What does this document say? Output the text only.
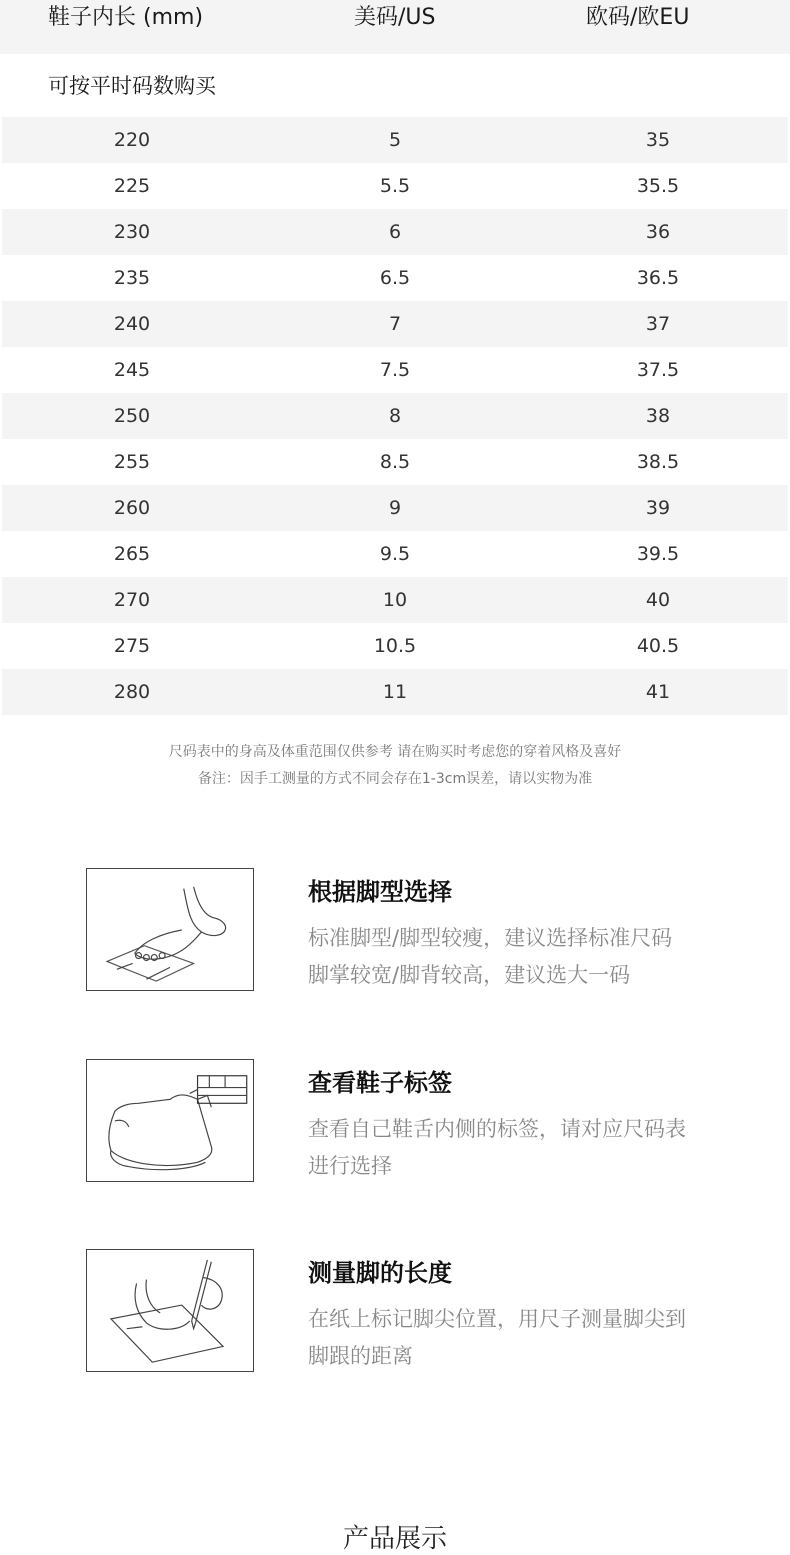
鞋子内长 (mm)	美码/US	欧码/欧EU
可按平时码数购买
220	5	35
225	5.5	35.5
230	6	36
235	6.5	36.5
240	7	37
245	7.5	37.5
250	8	38
255	8.5	38.5
260	9	39
265	9.5	39.5
270	10	40
275	10.5	40.5
280	11	41
尺码表中的身高及体重范围仅供参考 请在购买时考虑您的穿着风格及喜好
备注：因手工测量的方式不同会存在1-3cm误差，请以实物为准
根据脚型选择
标准脚型/脚型较瘦，建议选择标准尺码
脚掌较宽/脚背较高，建议选大一码
查看鞋子标签
查看自己鞋舌内侧的标签，请对应尺码表
进行选择
测量脚的长度
在纸上标记脚尖位置，用尺子测量脚尖到
脚跟的距离
产品展示
